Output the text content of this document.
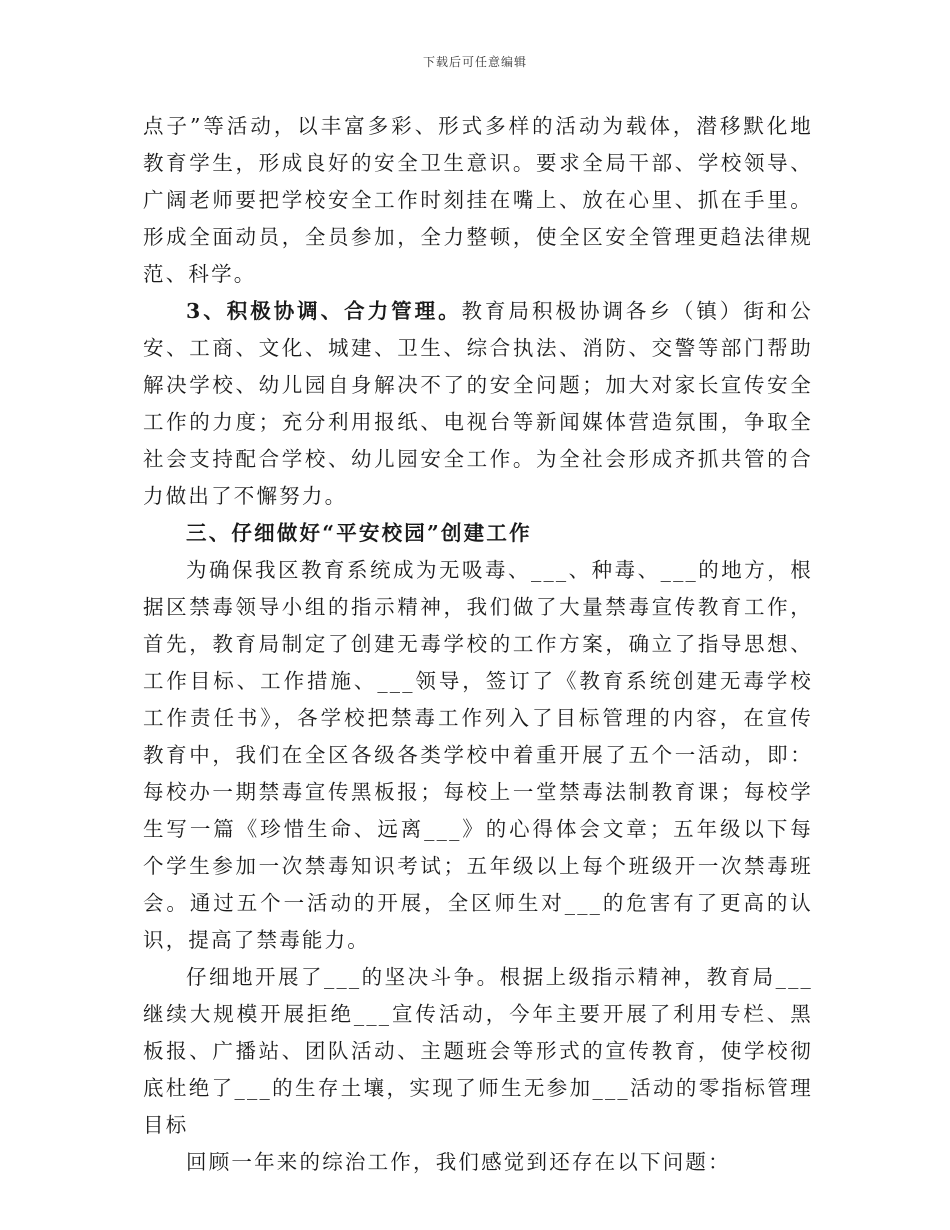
下载后可任意编辑

点子”等活动，以丰富多彩、形式多样的活动为载体，潜移默化地教育学生，形成良好的安全卫生意识。要求全局干部、学校领导、广阔老师要把学校安全工作时刻挂在嘴上、放在心里、抓在手里。形成全面动员，全员参加，全力整顿，使全区安全管理更趋法律规范、科学。

3、积极协调、合力管理。教育局积极协调各乡（镇）街和公安、工商、文化、城建、卫生、综合执法、消防、交警等部门帮助解决学校、幼儿园自身解决不了的安全问题；加大对家长宣传安全工作的力度；充分利用报纸、电视台等新闻媒体营造氛围，争取全社会支持配合学校、幼儿园安全工作。为全社会形成齐抓共管的合力做出了不懈努力。

三、仔细做好“平安校园”创建工作

为确保我区教育系统成为无吸毒、___、种毒、___的地方，根据区禁毒领导小组的指示精神，我们做了大量禁毒宣传教育工作，首先，教育局制定了创建无毒学校的工作方案，确立了指导思想、工作目标、工作措施、___领导，签订了《教育系统创建无毒学校工作责任书》，各学校把禁毒工作列入了目标管理的内容，在宣传教育中，我们在全区各级各类学校中着重开展了五个一活动，即：每校办一期禁毒宣传黑板报；每校上一堂禁毒法制教育课；每校学生写一篇《珍惜生命、远离___》的心得体会文章；五年级以下每个学生参加一次禁毒知识考试；五年级以上每个班级开一次禁毒班会。通过五个一活动的开展，全区师生对___的危害有了更高的认识，提高了禁毒能力。

仔细地开展了___的坚决斗争。根据上级指示精神，教育局___继续大规模开展拒绝___宣传活动，今年主要开展了利用专栏、黑板报、广播站、团队活动、主题班会等形式的宣传教育，使学校彻底杜绝了___的生存土壤，实现了师生无参加___活动的零指标管理目标

回顾一年来的综治工作，我们感觉到还存在以下问题：
